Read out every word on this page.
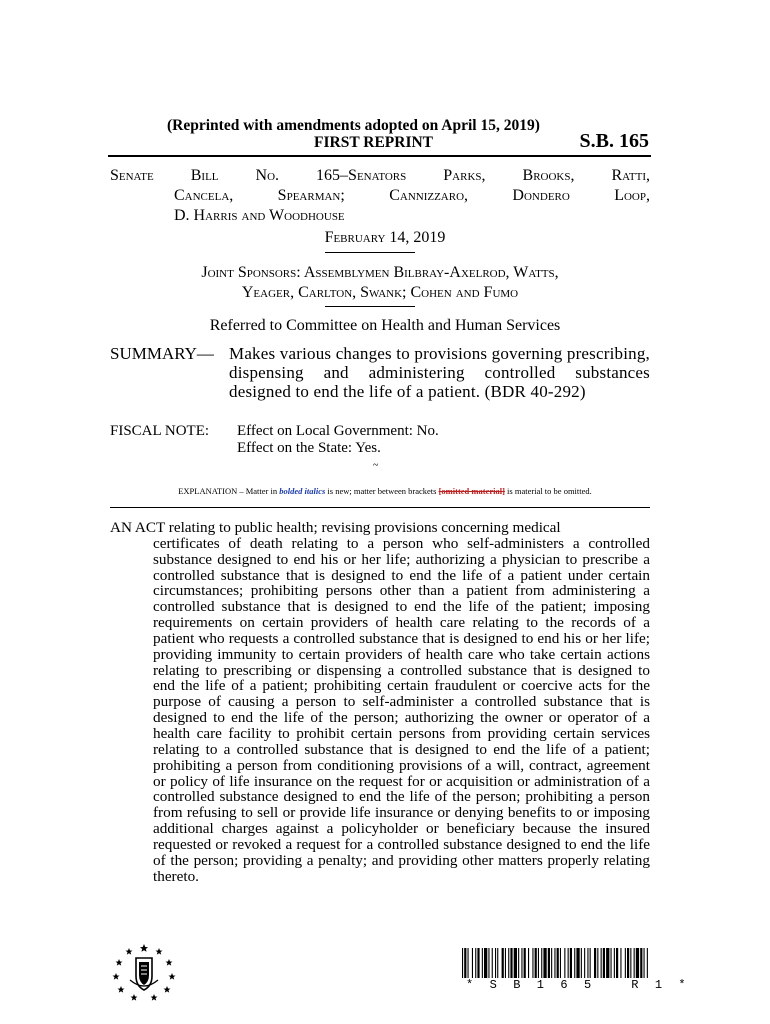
(Reprinted with amendments adopted on April 15, 2019)
FIRST REPRINT	S.B. 165
Senate Bill No. 165–Senators Parks, Brooks, Ratti,
Cancela, Spearman; Cannizzaro, Dondero Loop,
D. Harris and Woodhouse
February 14, 2019
Joint Sponsors: Assemblymen Bilbray-Axelrod, Watts,
Yeager, Carlton, Swank; Cohen and Fumo
Referred to Committee on Health and Human Services
SUMMARY— Makes various changes to provisions governing prescribing, dispensing and administering controlled substances designed to end the life of a patient. (BDR 40-292)
FISCAL NOTE: Effect on Local Government: No.
Effect on the State: Yes.
~
EXPLANATION – Matter in bolded italics is new; matter between brackets [omitted material] is material to be omitted.
AN ACT relating to public health; revising provisions concerning medical
certificates of death relating to a person who self-administers a controlled substance designed to end his or her life; authorizing a physician to prescribe a controlled substance that is designed to end the life of a patient under certain circumstances; prohibiting persons other than a patient from administering a controlled substance that is designed to end the life of the patient; imposing requirements on certain providers of health care relating to the records of a patient who requests a controlled substance that is designed to end his or her life; providing immunity to certain providers of health care who take certain actions relating to prescribing or dispensing a controlled substance that is designed to end the life of a patient; prohibiting certain fraudulent or coercive acts for the purpose of causing a person to self-administer a controlled substance that is designed to end the life of the person; authorizing the owner or operator of a health care facility to prohibit certain persons from providing certain services relating to a controlled substance that is designed to end the life of a patient; prohibiting a person from conditioning provisions of a will, contract, agreement or policy of life insurance on the request for or acquisition or administration of a controlled substance designed to end the life of the person; prohibiting a person from refusing to sell or provide life insurance or denying benefits to or imposing additional charges against a policyholder or beneficiary because the insured requested or revoked a request for a controlled substance designed to end the life of the person; providing a penalty; and providing other matters properly relating thereto.
* S B 1 6 5   R 1 *
